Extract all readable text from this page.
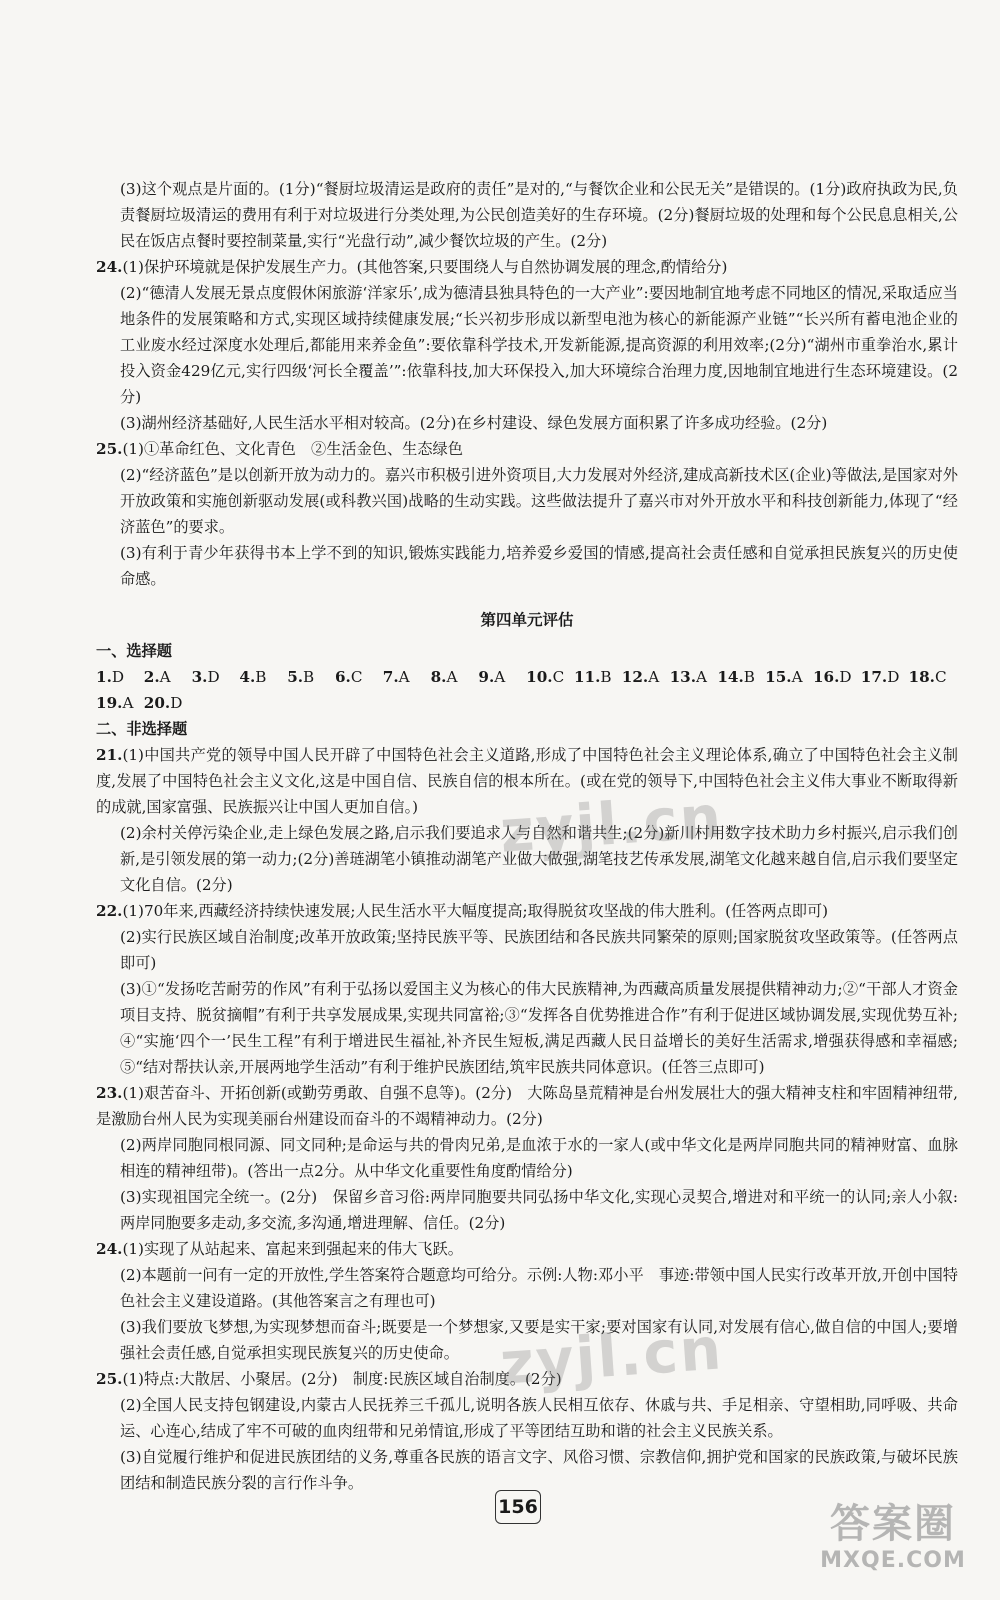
(3)这个观点是片面的。(1分)“餐厨垃圾清运是政府的责任”是对的,“与餐饮企业和公民无关”是错误的。(1分)政府执政为民,负责餐厨垃圾清运的费用有利于对垃圾进行分类处理,为公民创造美好的生存环境。(2分)餐厨垃圾的处理和每个公民息息相关,公民在饭店点餐时要控制菜量,实行“光盘行动”,减少餐饮垃圾的产生。(2分)

24.(1)保护环境就是保护发展生产力。(其他答案,只要围绕人与自然协调发展的理念,酌情给分)

(2)“德清人发展无景点度假休闲旅游‘洋家乐’,成为德清县独具特色的一大产业”:要因地制宜地考虑不同地区的情况,采取适应当地条件的发展策略和方式,实现区域持续健康发展;“长兴初步形成以新型电池为核心的新能源产业链”“长兴所有蓄电池企业的工业废水经过深度水处理后,都能用来养金鱼”:要依靠科学技术,开发新能源,提高资源的利用效率;(2分)“湖州市重拳治水,累计投入资金429亿元,实行四级‘河长全覆盖’”:依靠科技,加大环保投入,加大环境综合治理力度,因地制宜地进行生态环境建设。(2分)

(3)湖州经济基础好,人民生活水平相对较高。(2分)在乡村建设、绿色发展方面积累了许多成功经验。(2分)

25.(1)①革命红色、文化青色　②生活金色、生态绿色

(2)“经济蓝色”是以创新开放为动力的。嘉兴市积极引进外资项目,大力发展对外经济,建成高新技术区(企业)等做法,是国家对外开放政策和实施创新驱动发展(或科教兴国)战略的生动实践。这些做法提升了嘉兴市对外开放水平和科技创新能力,体现了“经济蓝色”的要求。

(3)有利于青少年获得书本上学不到的知识,锻炼实践能力,培养爱乡爱国的情感,提高社会责任感和自觉承担民族复兴的历史使命感。

第四单元评估
一、选择题
1.D	2.A	3.D	4.B	5.B	6.C	7.A	8.A	9.A	10.C 11.B 12.A 13.A 14.B 15.A 16.D 17.D 18.C
19.A 20.D
二、非选择题

21.(1)中国共产党的领导中国人民开辟了中国特色社会主义道路,形成了中国特色社会主义理论体系,确立了中国特色社会主义制度,发展了中国特色社会主义文化,这是中国自信、民族自信的根本所在。(或在党的领导下,中国特色社会主义伟大事业不断取得新的成就,国家富强、民族振兴让中国人更加自信。)

(2)余村关停污染企业,走上绿色发展之路,启示我们要追求人与自然和谐共生;(2分)新川村用数字技术助力乡村振兴,启示我们创新,是引领发展的第一动力;(2分)善琏湖笔小镇推动湖笔产业做大做强,湖笔技艺传承发展,湖笔文化越来越自信,启示我们要坚定文化自信。(2分)

22.(1)70年来,西藏经济持续快速发展;人民生活水平大幅度提高;取得脱贫攻坚战的伟大胜利。(任答两点即可)

(2)实行民族区域自治制度;改革开放政策;坚持民族平等、民族团结和各民族共同繁荣的原则;国家脱贫攻坚政策等。(任答两点即可)

(3)①“发扬吃苦耐劳的作风”有利于弘扬以爱国主义为核心的伟大民族精神,为西藏高质量发展提供精神动力;②“干部人才资金项目支持、脱贫摘帽”有利于共享发展成果,实现共同富裕;③“发挥各自优势推进合作”有利于促进区域协调发展,实现优势互补;④“实施‘四个一’民生工程”有利于增进民生福祉,补齐民生短板,满足西藏人民日益增长的美好生活需求,增强获得感和幸福感;⑤“结对帮扶认亲,开展两地学生活动”有利于维护民族团结,筑牢民族共同体意识。(任答三点即可)

23.(1)艰苦奋斗、开拓创新(或勤劳勇敢、自强不息等)。(2分)　大陈岛垦荒精神是台州发展壮大的强大精神支柱和牢固精神纽带,是激励台州人民为实现美丽台州建设而奋斗的不竭精神动力。(2分)

(2)两岸同胞同根同源、同文同种;是命运与共的骨肉兄弟,是血浓于水的一家人(或中华文化是两岸同胞共同的精神财富、血脉相连的精神纽带)。(答出一点2分。从中华文化重要性角度酌情给分)

(3)实现祖国完全统一。(2分)　保留乡音习俗:两岸同胞要共同弘扬中华文化,实现心灵契合,增进对和平统一的认同;亲人小叙:两岸同胞要多走动,多交流,多沟通,增进理解、信任。(2分)

24.(1)实现了从站起来、富起来到强起来的伟大飞跃。

(2)本题前一问有一定的开放性,学生答案符合题意均可给分。示例:人物:邓小平　事迹:带领中国人民实行改革开放,开创中国特色社会主义建设道路。(其他答案言之有理也可)

(3)我们要放飞梦想,为实现梦想而奋斗;既要是一个梦想家,又要是实干家;要对国家有认同,对发展有信心,做自信的中国人;要增强社会责任感,自觉承担实现民族复兴的历史使命。

25.(1)特点:大散居、小聚居。(2分)　制度:民族区域自治制度。(2分)

(2)全国人民支持包钢建设,内蒙古人民抚养三千孤儿,说明各族人民相互依存、休戚与共、手足相亲、守望相助,同呼吸、共命运、心连心,结成了牢不可破的血肉纽带和兄弟情谊,形成了平等团结互助和谐的社会主义民族关系。

(3)自觉履行维护和促进民族团结的义务,尊重各民族的语言文字、风俗习惯、宗教信仰,拥护党和国家的民族政策,与破坏民族团结和制造民族分裂的言行作斗争。

zyjl.cn
zyjl.cn
156	答案圈
MXQE.COM
